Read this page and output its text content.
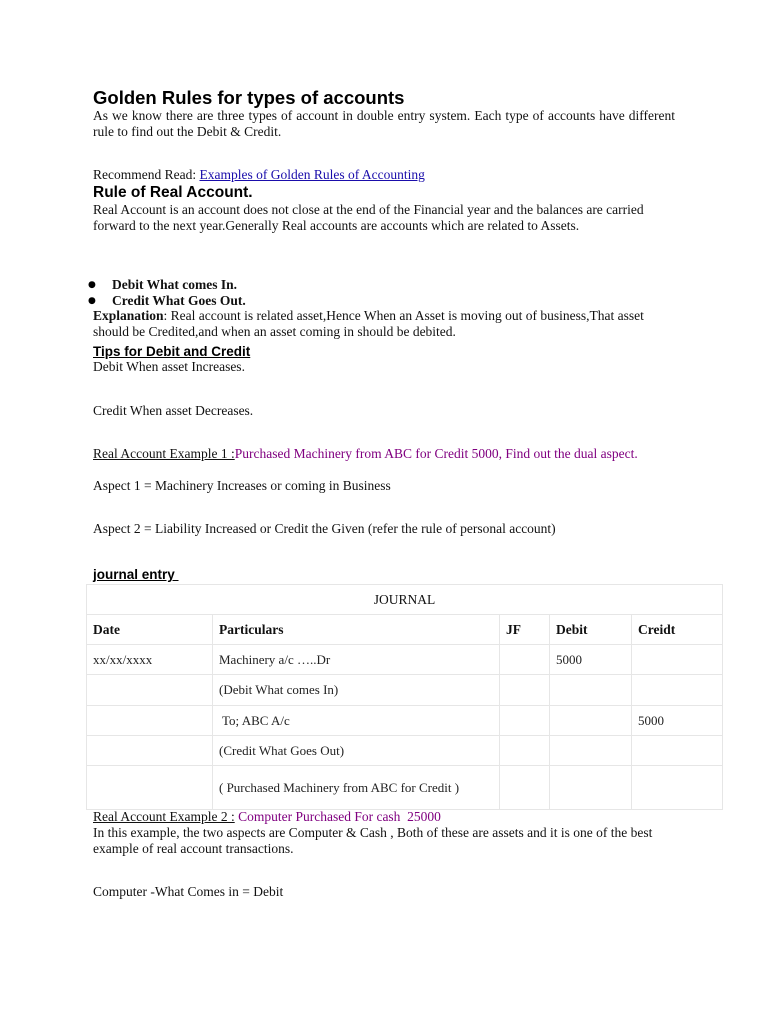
Golden Rules for types of accounts
As we know there are three types of account in double entry system. Each type of accounts have different rule to find out the Debit & Credit.
Recommend Read: Examples of Golden Rules of Accounting
Rule of Real Account.
Real Account is an account does not close at the end of the Financial year and the balances are carried forward to the next year.Generally Real accounts are accounts which are related to Assets.
● Debit What comes In.
● Credit What Goes Out.
Explanation: Real account is related asset,Hence When an Asset is moving out of business,That asset should be Credited,and when an asset coming in should be debited.
Tips for Debit and Credit
Debit When asset Increases.
Credit When asset Decreases.
Real Account Example 1 :Purchased Machinery from ABC for Credit 5000, Find out the dual aspect.
Aspect 1 = Machinery Increases or coming in Business
Aspect 2 = Liability Increased or Credit the Given (refer the rule of personal account)
journal entry
JOURNAL				
Date	Particulars	JF	Debit	Creidt
xx/xx/xxxx	Machinery a/c …..Dr		5000	
	(Debit What comes In)			
	To; ABC A/c			5000
	(Credit What Goes Out)			
	( Purchased Machinery from ABC for Credit )			
Real Account Example 2 : Computer Purchased For cash  25000
In this example, the two aspects are Computer & Cash , Both of these are assets and it is one of the best example of real account transactions.
Computer -What Comes in = Debit
